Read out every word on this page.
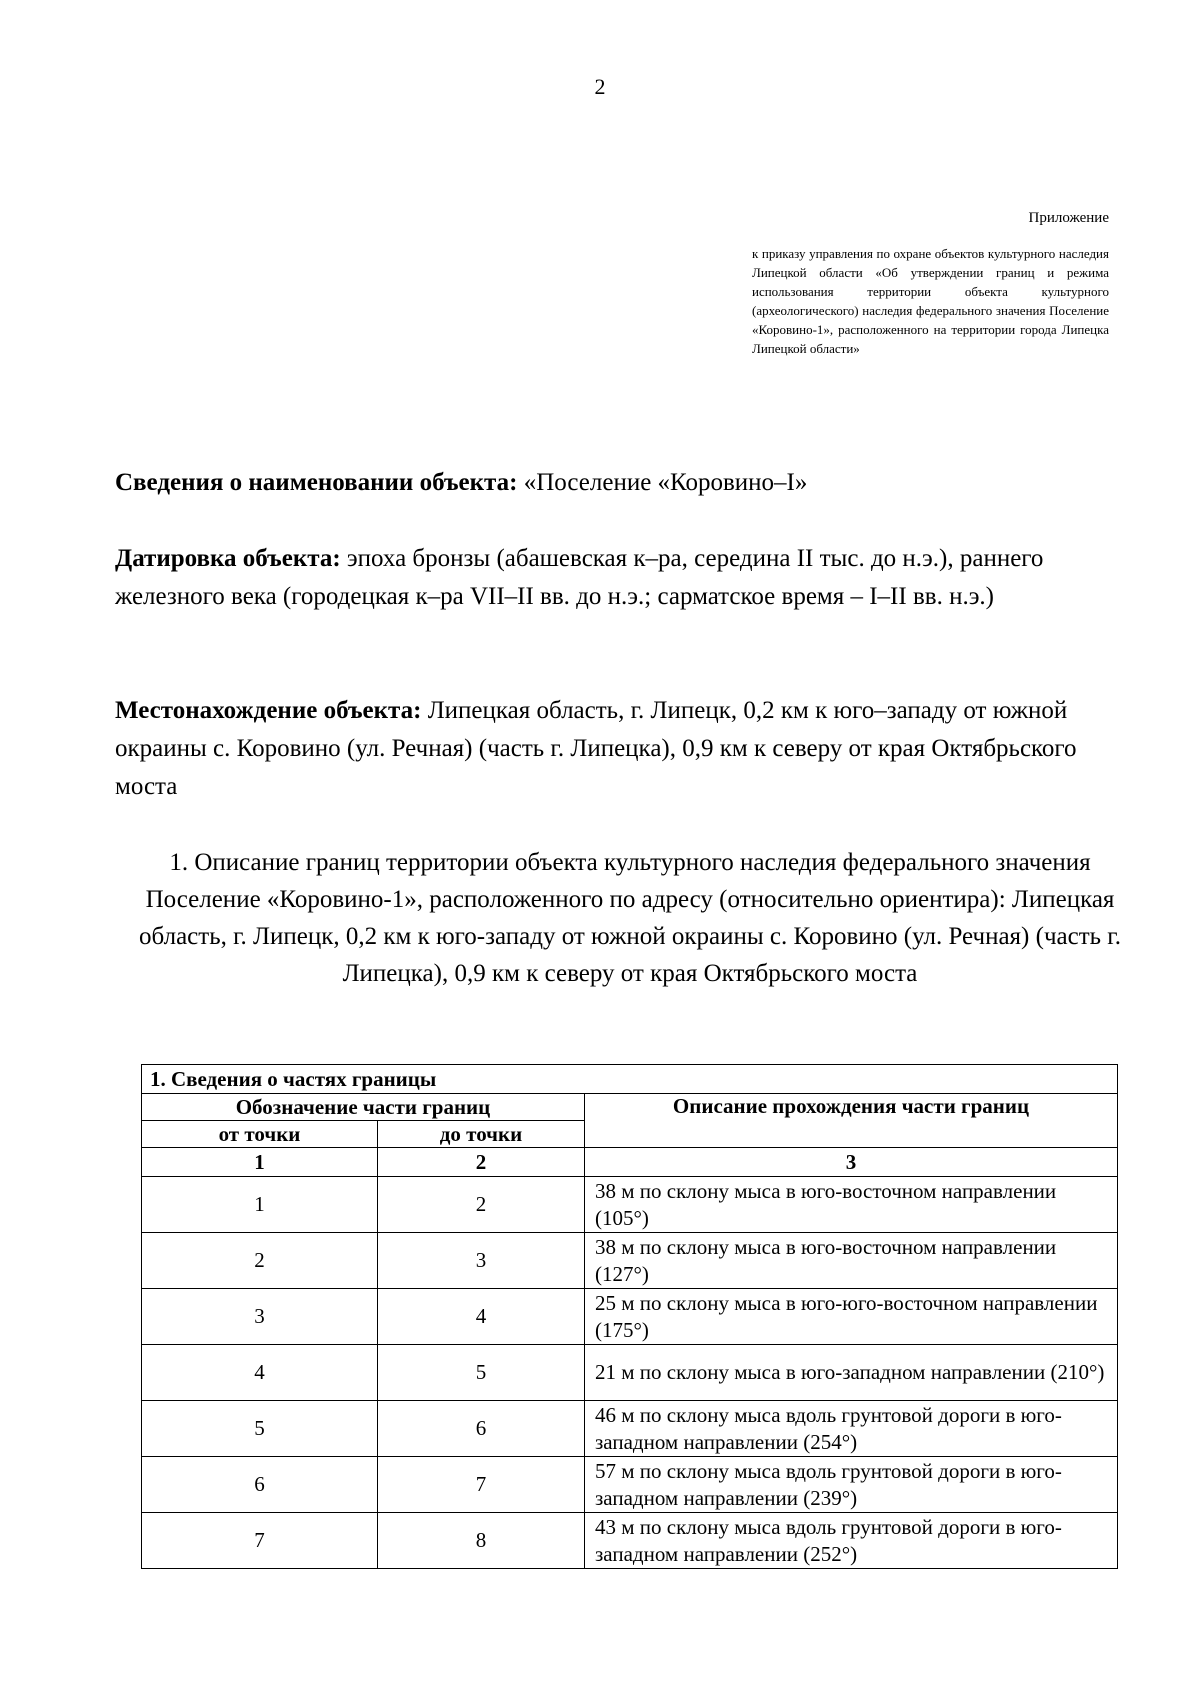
2
Приложение
к приказу управления по охране объектов культурного наследия Липецкой области «Об утверждении границ и режима использования территории объекта культурного (археологического) наследия федерального значения Поселение «Коровино-1», расположенного на территории города Липецка Липецкой области»
Сведения о наименовании объекта: «Поселение «Коровино–I»
Датировка объекта: эпоха бронзы (абашевская к–ра, середина II тыс. до н.э.), раннего железного века (городецкая к–ра VII–II вв. до н.э.; сарматское время – I–II вв. н.э.)
Местонахождение объекта: Липецкая область, г. Липецк, 0,2 км к юго–западу от южной окраины с. Коровино (ул. Речная) (часть г. Липецка), 0,9 км к северу от края Октябрьского моста
1. Описание границ территории объекта культурного наследия федерального значения Поселение «Коровино-1», расположенного по адресу (относительно ориентира): Липецкая область, г. Липецк, 0,2 км к юго-западу от южной окраины с. Коровино (ул. Речная) (часть г. Липецка), 0,9 км к северу от края Октябрьского моста
1. Сведения о частях границы		
Обозначение части границ		Описание прохождения части границ
от точки	до точки	
1	2	3
1	2	38 м по склону мыса в юго-восточном направлении (105°)
2	3	38 м по склону мыса в юго-восточном направлении (127°)
3	4	25 м по склону мыса в юго-юго-восточном направлении (175°)
4	5	21 м по склону мыса в юго-западном направлении (210°)
5	6	46 м по склону мыса вдоль грунтовой дороги в юго-западном направлении (254°)
6	7	57 м по склону мыса вдоль грунтовой дороги в юго-западном направлении (239°)
7	8	43 м по склону мыса вдоль грунтовой дороги в юго-западном направлении (252°)
